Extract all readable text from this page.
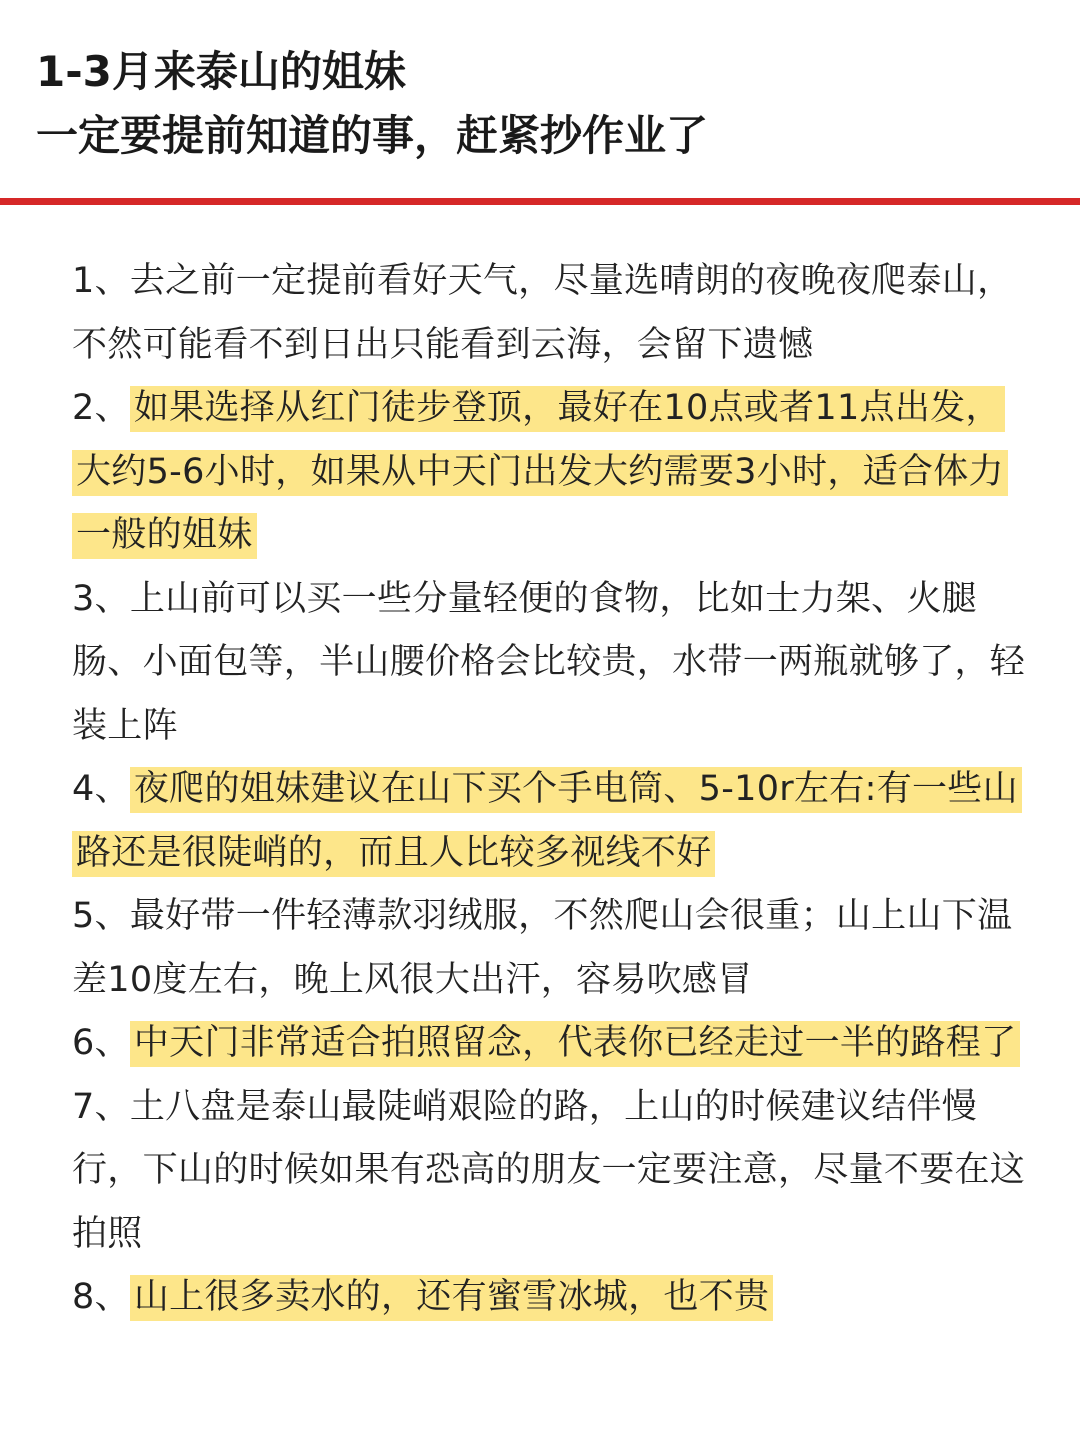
1-3月来泰山的姐妹
一定要提前知道的事，赶紧抄作业了
1、去之前一定提前看好天气，尽量选晴朗的夜晚夜爬泰山，不然可能看不到日出只能看到云海，会留下遗憾
2、 如果选择从红门徒步登顶，最好在10点或者11点出发，大约5-6小时，如果从中天门出发大约需要3小时，适合体力一般的姐妹
3、上山前可以买一些分量轻便的食物，比如士力架、火腿肠、小面包等，半山腰价格会比较贵，水带一两瓶就够了，轻装上阵
4、 夜爬的姐妹建议在山下买个手电筒、5-10r左右:有一些山路还是很陡峭的，而且人比较多视线不好
5、最好带一件轻薄款羽绒服，不然爬山会很重；山上山下温差10度左右，晚上风很大出汗，容易吹感冒
6、 中天门非常适合拍照留念，代表你已经走过一半的路程了
7、土八盘是泰山最陡峭艰险的路，上山的时候建议结伴慢行，下山的时候如果有恐高的朋友一定要注意，尽量不要在这拍照
8、 山上很多卖水的，还有蜜雪冰城，也不贵
